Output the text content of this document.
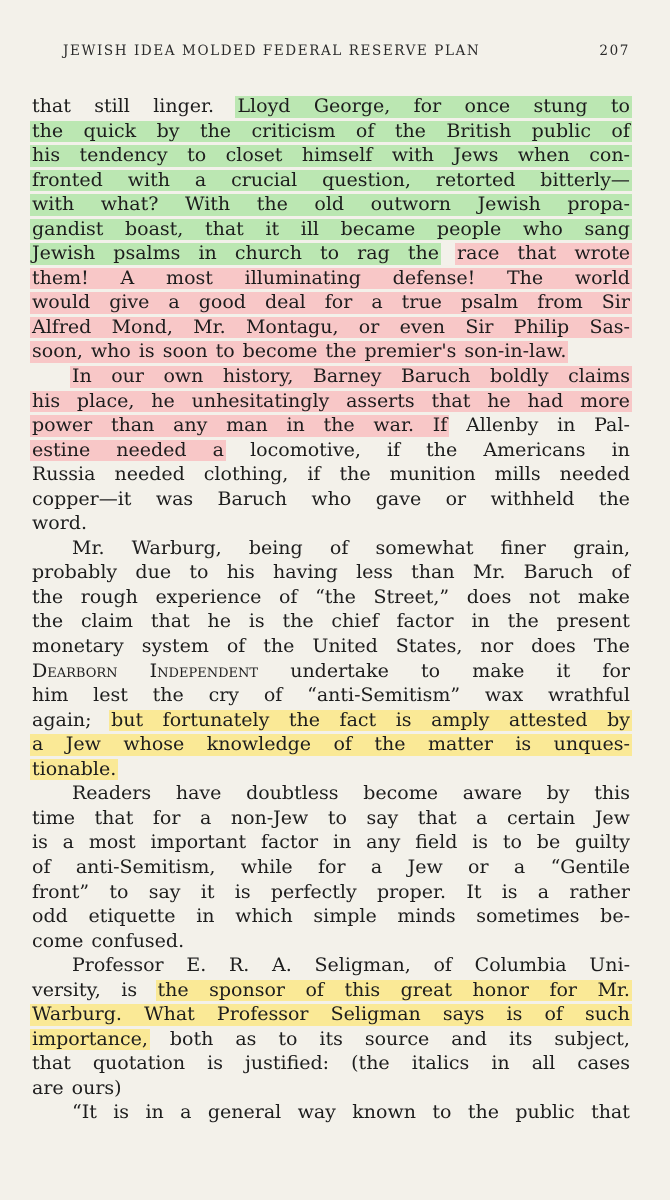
JEWISH IDEA MOLDED FEDERAL RESERVE PLAN	207
that still linger. Lloyd George, for once stung to
the quick by the criticism of the British public of
his tendency to closet himself with Jews when con-
fronted with a crucial question, retorted bitterly—
with what? With the old outworn Jewish propa-
gandist boast, that it ill became people who sang
Jewish psalms in church to rag the race that wrote
them! A most illuminating defense! The world
would give a good deal for a true psalm from Sir
Alfred Mond, Mr. Montagu, or even Sir Philip Sas-
soon, who is soon to become the premier's son-in-law.
In our own history, Barney Baruch boldly claims
his place, he unhesitatingly asserts that he had more
power than any man in the war. If Allenby in Pal-
estine needed a locomotive, if the Americans in
Russia needed clothing, if the munition mills needed
copper—it was Baruch who gave or withheld the
word.
Mr. Warburg, being of somewhat finer grain,
probably due to his having less than Mr. Baruch of
the rough experience of “the Street,” does not make
the claim that he is the chief factor in the present
monetary system of the United States, nor does The
Dearborn Independent undertake to make it for
him lest the cry of “anti-Semitism” wax wrathful
again; but fortunately the fact is amply attested by
a Jew whose knowledge of the matter is unques-
tionable.
Readers have doubtless become aware by this
time that for a non-Jew to say that a certain Jew
is a most important factor in any field is to be guilty
of anti-Semitism, while for a Jew or a “Gentile
front” to say it is perfectly proper. It is a rather
odd etiquette in which simple minds sometimes be-
come confused.
Professor E. R. A. Seligman, of Columbia Uni-
versity, is the sponsor of this great honor for Mr.
Warburg. What Professor Seligman says is of such
importance, both as to its source and its subject,
that quotation is justified: (the italics in all cases
are ours)
“It is in a general way known to the public that
